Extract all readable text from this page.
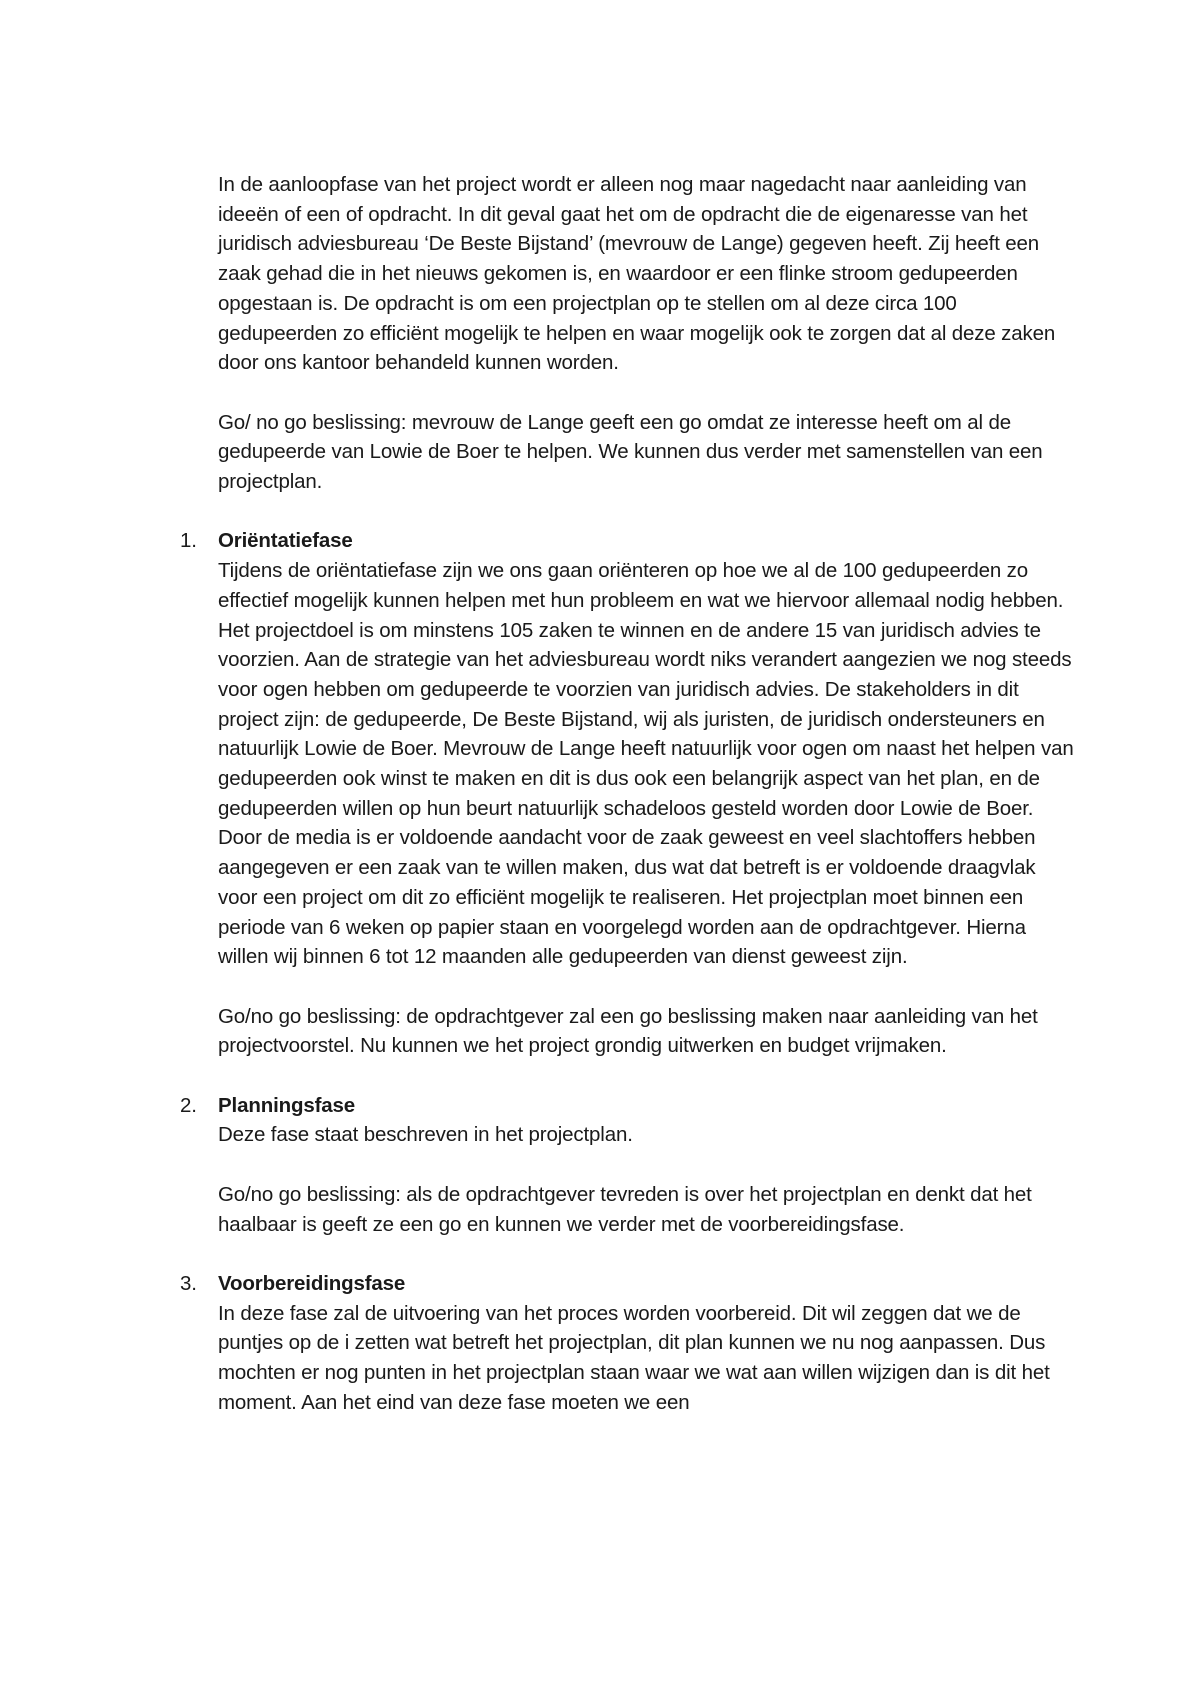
In de aanloopfase van het project wordt er alleen nog maar nagedacht naar aanleiding van ideeën of een of opdracht. In dit geval gaat het om de opdracht die de eigenaresse van het juridisch adviesbureau ‘De Beste Bijstand’ (mevrouw de Lange) gegeven heeft. Zij heeft een zaak gehad die in het nieuws gekomen is, en waardoor er een flinke stroom gedupeerden opgestaan is. De opdracht is om een projectplan op te stellen om al deze circa 100 gedupeerden zo efficiënt mogelijk te helpen en waar mogelijk ook te zorgen dat al deze zaken door ons kantoor behandeld kunnen worden.

Go/ no go beslissing: mevrouw de Lange geeft een go omdat ze interesse heeft om al de gedupeerde van Lowie de Boer te helpen. We kunnen dus verder met samenstellen van een projectplan.

1. Oriëntatiefase

Tijdens de oriëntatiefase zijn we ons gaan oriënteren op hoe we al de 100 gedupeerden zo effectief mogelijk kunnen helpen met hun probleem en wat we hiervoor allemaal nodig hebben. Het projectdoel is om minstens 105 zaken te winnen en de andere 15 van juridisch advies te voorzien. Aan de strategie van het adviesbureau wordt niks verandert aangezien we nog steeds voor ogen hebben om gedupeerde te voorzien van juridisch advies. De stakeholders in dit project zijn: de gedupeerde, De Beste Bijstand, wij als juristen, de juridisch ondersteuners en natuurlijk Lowie de Boer. Mevrouw de Lange heeft natuurlijk voor ogen om naast het helpen van gedupeerden ook winst te maken en dit is dus ook een belangrijk aspect van het plan, en de gedupeerden willen op hun beurt natuurlijk schadeloos gesteld worden door Lowie de Boer. Door de media is er voldoende aandacht voor de zaak geweest en veel slachtoffers hebben aangegeven er een zaak van te willen maken, dus wat dat betreft is er voldoende draagvlak voor een project om dit zo efficiënt mogelijk te realiseren. Het projectplan moet binnen een periode van 6 weken op papier staan en voorgelegd worden aan de opdrachtgever. Hierna willen wij binnen 6 tot 12 maanden alle gedupeerden van dienst geweest zijn.

Go/no go beslissing: de opdrachtgever zal een go beslissing maken naar aanleiding van het projectvoorstel. Nu kunnen we het project grondig uitwerken en budget vrijmaken.

2. Planningsfase

Deze fase staat beschreven in het projectplan.

Go/no go beslissing: als de opdrachtgever tevreden is over het projectplan en denkt dat het haalbaar is geeft ze een go en kunnen we verder met de voorbereidingsfase.

3. Voorbereidingsfase

In deze fase zal de uitvoering van het proces worden voorbereid. Dit wil zeggen dat we de puntjes op de i zetten wat betreft het projectplan, dit plan kunnen we nu nog aanpassen. Dus mochten er nog punten in het projectplan staan waar we wat aan willen wijzigen dan is dit het moment. Aan het eind van deze fase moeten we een
